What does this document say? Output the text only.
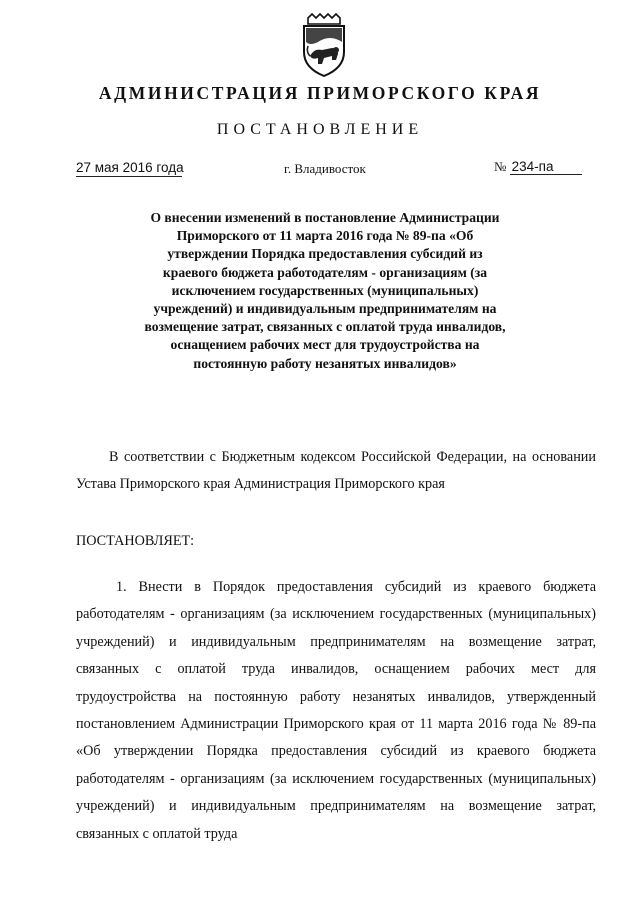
АДМИНИСТРАЦИЯ ПРИМОРСКОГО КРАЯ
ПОСТАНОВЛЕНИЕ
27 мая 2016 года	г. Владивосток	№ 234-па
О внесении изменений в постановление Администрации Приморского от 11 марта 2016 года № 89-па «Об утверждении Порядка предоставления субсидий из краевого бюджета работодателям - организациям (за исключением государственных (муниципальных) учреждений) и индивидуальным предпринимателям на возмещение затрат, связанных с оплатой труда инвалидов, оснащением рабочих мест для трудоустройства на постоянную работу незанятых инвалидов»
В соответствии с Бюджетным кодексом Российской Федерации, на основании Устава Приморского края Администрация Приморского края
ПОСТАНОВЛЯЕТ:
1. Внести в Порядок предоставления субсидий из краевого бюджета работодателям - организациям (за исключением государственных (муниципальных) учреждений) и индивидуальным предпринимателям на возмещение затрат, связанных с оплатой труда инвалидов, оснащением рабочих мест для трудоустройства на постоянную работу незанятых инвалидов, утвержденный постановлением Администрации Приморского края от 11 марта 2016 года № 89-па «Об утверждении Порядка предоставления субсидий из краевого бюджета работодателям - организациям (за исключением государственных (муниципальных) учреждений) и индивидуальным предпринимателям на возмещение затрат, связанных с оплатой труда
